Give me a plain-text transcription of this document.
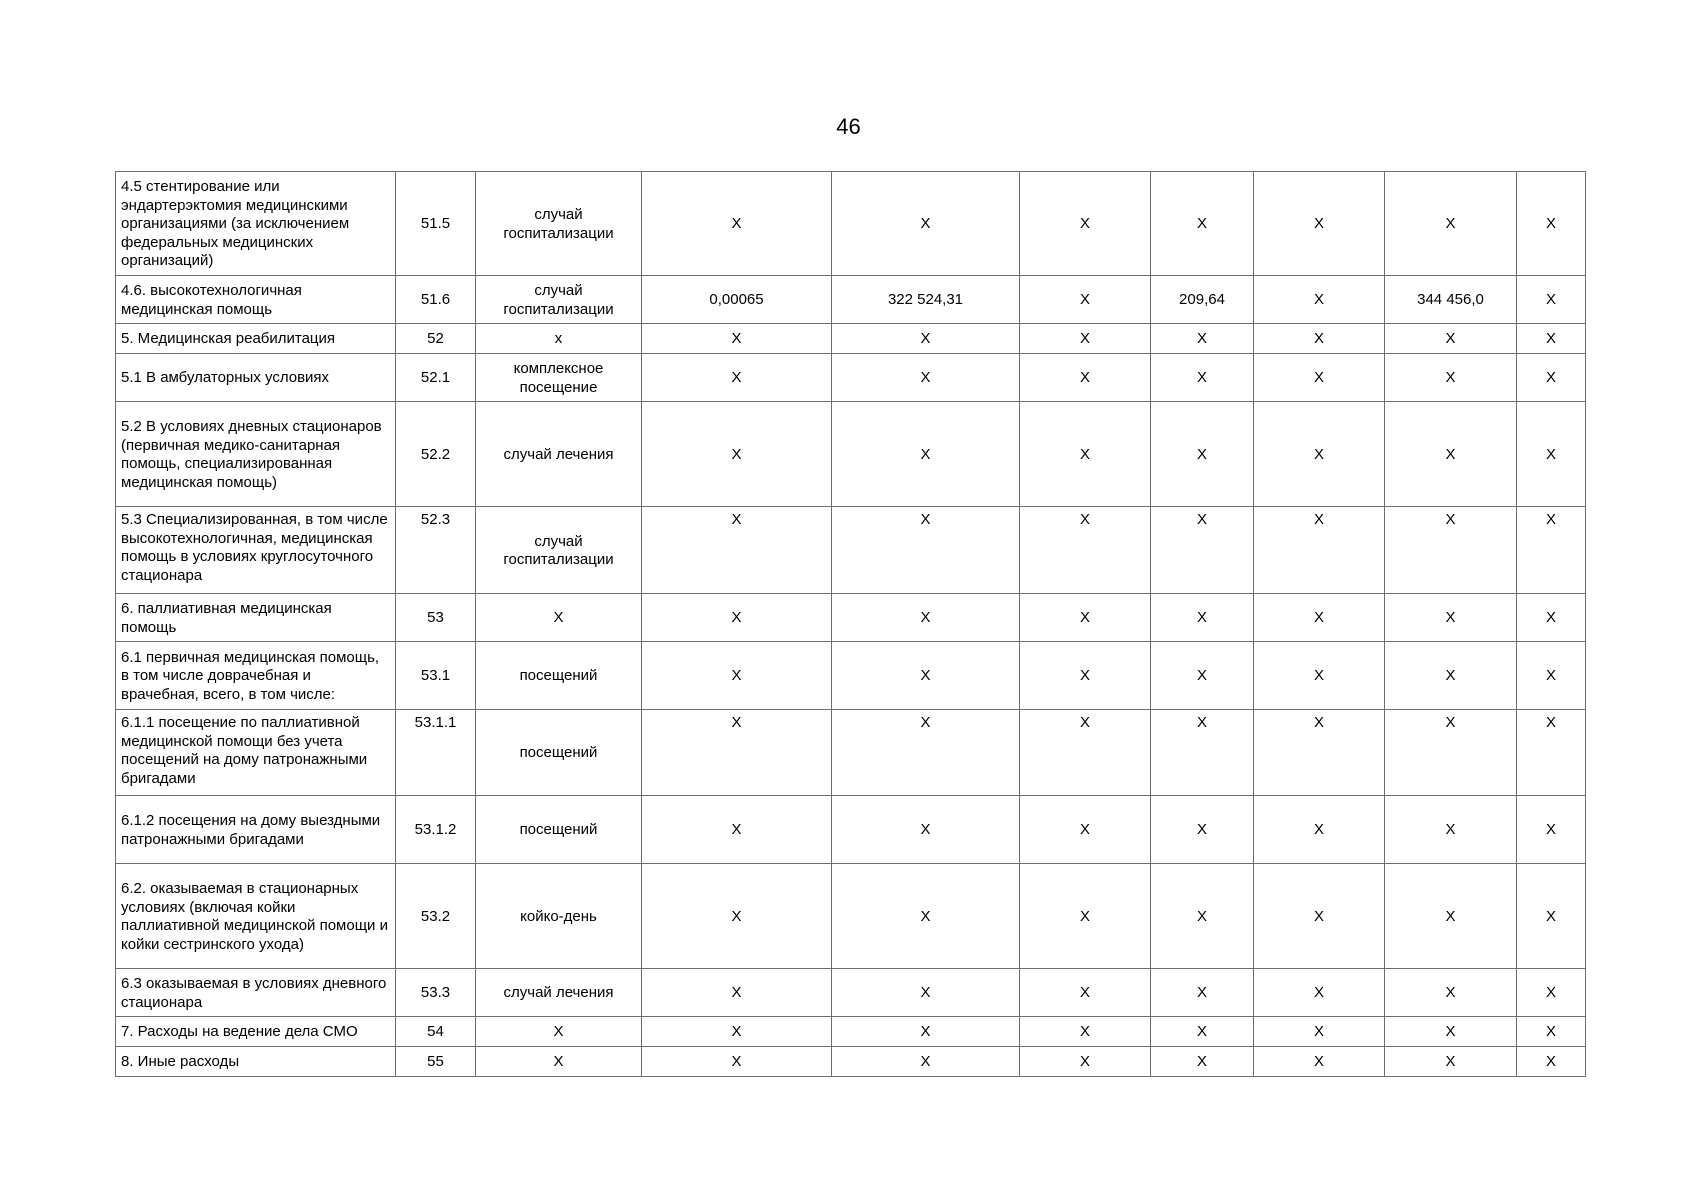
46
4.5 стентирование или эндартерэктомия медицинскими организациями (за исключением федеральных медицинских организаций)	51.5	случай госпитализации	X	X	X	X	X	X	X
4.6. высокотехнологичная медицинская помощь	51.6	случай госпитализации	0,00065	322 524,31	X	209,64	X	344 456,0	X
5. Медицинская реабилитация	52	x	X	X	X	X	X	X	X
5.1 В амбулаторных условиях	52.1	комплексное посещение	X	X	X	X	X	X	X
5.2 В условиях дневных стационаров (первичная медико-санитарная помощь, специализированная медицинская помощь)	52.2	случай лечения	X	X	X	X	X	X	X
5.3 Специализированная, в том числе высокотехнологичная, медицинская помощь в условиях круглосуточного стационара	52.3	случай госпитализации	X	X	X	X	X	X	X
6. паллиативная медицинская помощь	53	X	X	X	X	X	X	X	X
6.1 первичная медицинская помощь, в том числе доврачебная и врачебная, всего, в том числе:	53.1	посещений	X	X	X	X	X	X	X
6.1.1 посещение по паллиативной медицинской помощи без учета посещений на дому патронажными бригадами	53.1.1	посещений	X	X	X	X	X	X	X
6.1.2 посещения на дому выездными патронажными бригадами	53.1.2	посещений	X	X	X	X	X	X	X
6.2. оказываемая в стационарных условиях (включая койки паллиативной медицинской помощи и койки сестринского ухода)	53.2	койко-день	X	X	X	X	X	X	X
6.3 оказываемая в условиях дневного стационара	53.3	случай лечения	X	X	X	X	X	X	X
7. Расходы на ведение дела СМО	54	X	X	X	X	X	X	X	X
8. Иные расходы	55	X	X	X	X	X	X	X	X
